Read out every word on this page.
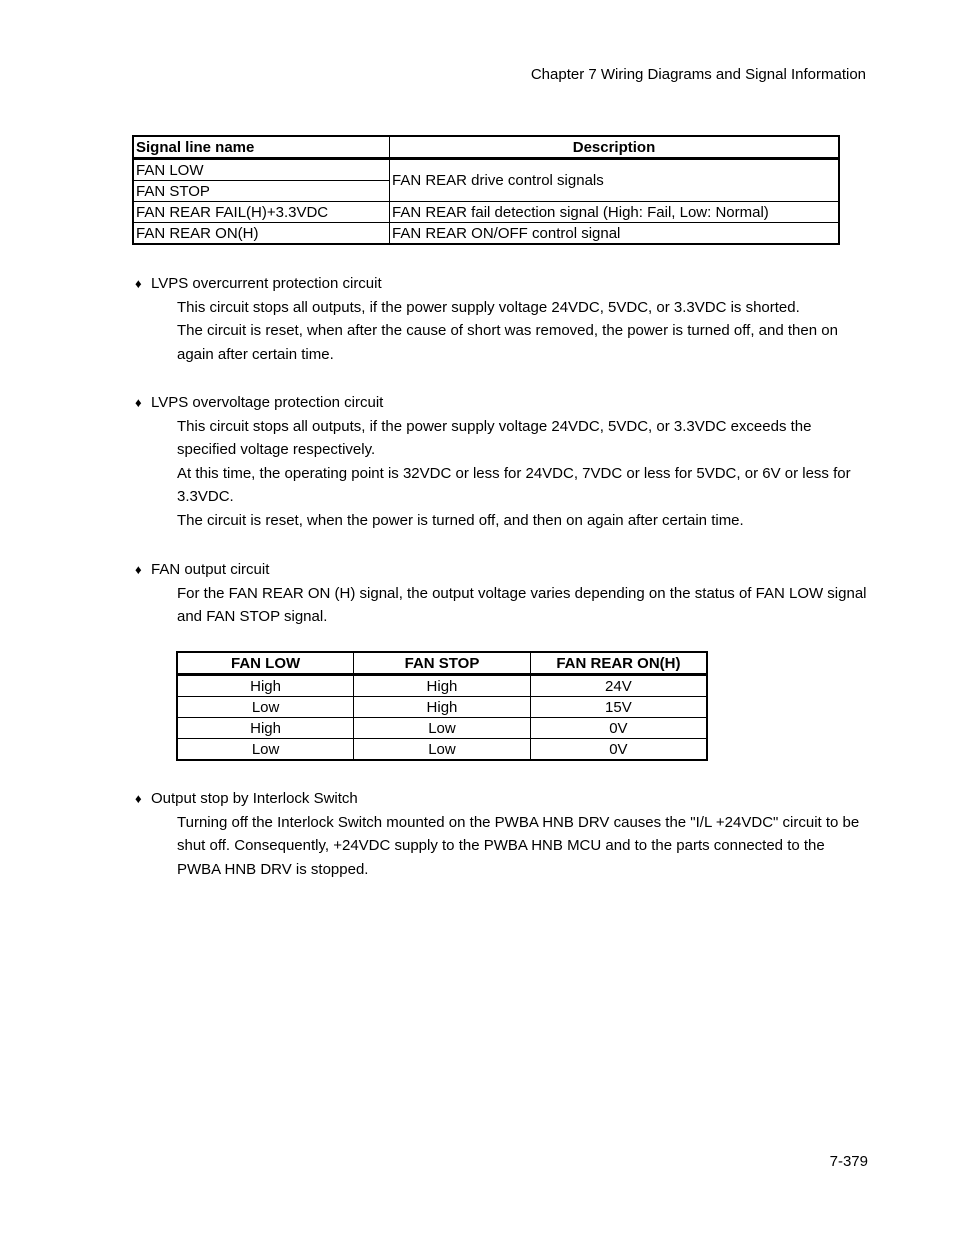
Chapter 7 Wiring Diagrams and Signal Information
Signal line name	Description
FAN LOW	FAN REAR drive control signals
FAN STOP	
FAN REAR FAIL(H)+3.3VDC	FAN REAR fail detection signal (High: Fail, Low: Normal)
FAN REAR ON(H)	FAN REAR ON/OFF control signal
♦ LVPS overcurrent protection circuit

This circuit stops all outputs, if the power supply voltage 24VDC, 5VDC, or 3.3VDC is shorted.

The circuit is reset, when after the cause of short was removed, the power is turned off, and then on again after certain time.

♦ LVPS overvoltage protection circuit

This circuit stops all outputs, if the power supply voltage 24VDC, 5VDC, or 3.3VDC exceeds the specified voltage respectively.

At this time, the operating point is 32VDC or less for 24VDC, 7VDC or less for 5VDC, or 6V or less for 3.3VDC.

The circuit is reset, when the power is turned off, and then on again after certain time.

♦ FAN output circuit

For the FAN REAR ON (H) signal, the output voltage varies depending on the status of FAN LOW signal and FAN STOP signal.

FAN LOW	FAN STOP	FAN REAR ON(H)
High	High	24V
Low	High	15V
High	Low	0V
Low	Low	0V
♦ Output stop by Interlock Switch

Turning off the Interlock Switch mounted on the PWBA HNB DRV causes the "I/L +24VDC" circuit to be shut off. Consequently, +24VDC supply to the PWBA HNB MCU and to the parts connected to the PWBA HNB DRV is stopped.

7-379
